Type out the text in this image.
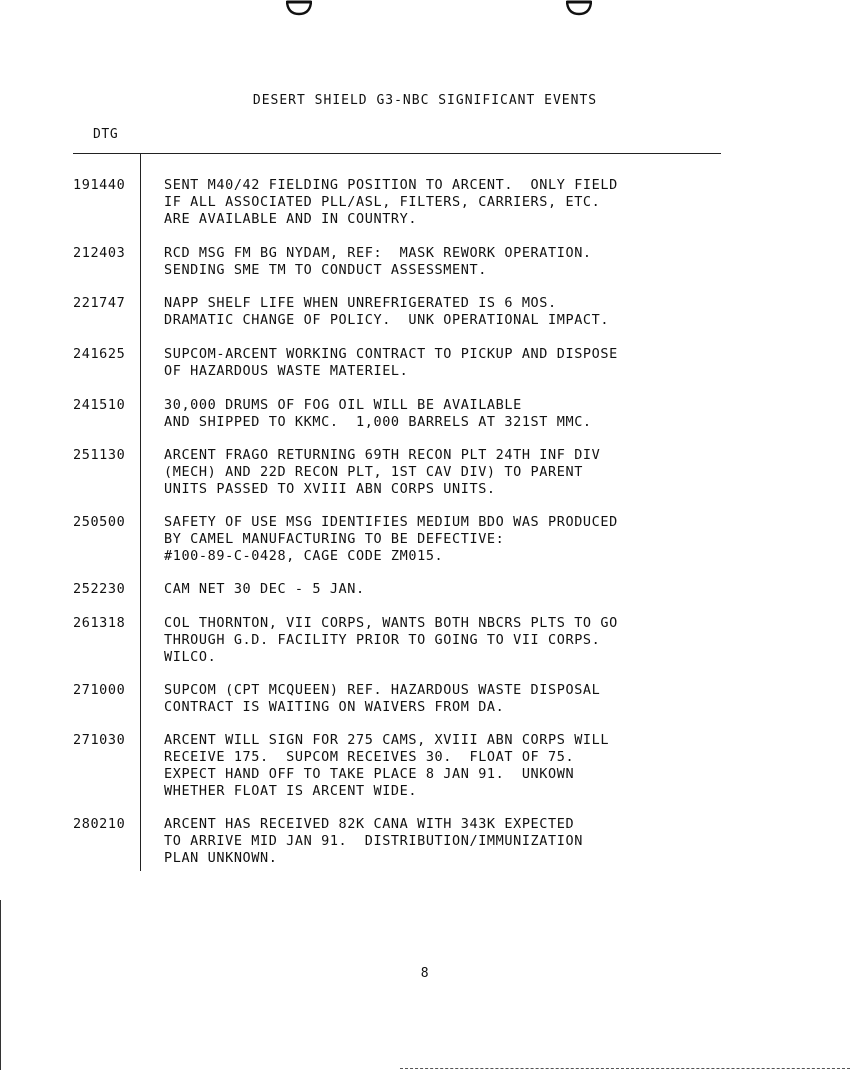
DESERT SHIELD G3-NBC SIGNIFICANT EVENTS
DTG
191440	SENT M40/42 FIELDING POSITION TO ARCENT.  ONLY FIELD
IF ALL ASSOCIATED PLL/ASL, FILTERS, CARRIERS, ETC.
ARE AVAILABLE AND IN COUNTRY.
212403	RCD MSG FM BG NYDAM, REF:  MASK REWORK OPERATION.
SENDING SME TM TO CONDUCT ASSESSMENT.
221747	NAPP SHELF LIFE WHEN UNREFRIGERATED IS 6 MOS.
DRAMATIC CHANGE OF POLICY.  UNK OPERATIONAL IMPACT.
241625	SUPCOM-ARCENT WORKING CONTRACT TO PICKUP AND DISPOSE
OF HAZARDOUS WASTE MATERIEL.
241510	30,000 DRUMS OF FOG OIL WILL BE AVAILABLE
AND SHIPPED TO KKMC.  1,000 BARRELS AT 321ST MMC.
251130	ARCENT FRAGO RETURNING 69TH RECON PLT 24TH INF DIV
(MECH) AND 22D RECON PLT, 1ST CAV DIV) TO PARENT
UNITS PASSED TO XVIII ABN CORPS UNITS.
250500	SAFETY OF USE MSG IDENTIFIES MEDIUM BDO WAS PRODUCED
BY CAMEL MANUFACTURING TO BE DEFECTIVE:
#100-89-C-0428, CAGE CODE ZM015.
252230	CAM NET 30 DEC - 5 JAN.
261318	COL THORNTON, VII CORPS, WANTS BOTH NBCRS PLTS TO GO
THROUGH G.D. FACILITY PRIOR TO GOING TO VII CORPS.
WILCO.
271000	SUPCOM (CPT MCQUEEN) REF. HAZARDOUS WASTE DISPOSAL
CONTRACT IS WAITING ON WAIVERS FROM DA.
271030	ARCENT WILL SIGN FOR 275 CAMS, XVIII ABN CORPS WILL
RECEIVE 175.  SUPCOM RECEIVES 30.  FLOAT OF 75.
EXPECT HAND OFF TO TAKE PLACE 8 JAN 91.  UNKOWN
WHETHER FLOAT IS ARCENT WIDE.
280210	ARCENT HAS RECEIVED 82K CANA WITH 343K EXPECTED
TO ARRIVE MID JAN 91.  DISTRIBUTION/IMMUNIZATION
PLAN UNKNOWN.
8
